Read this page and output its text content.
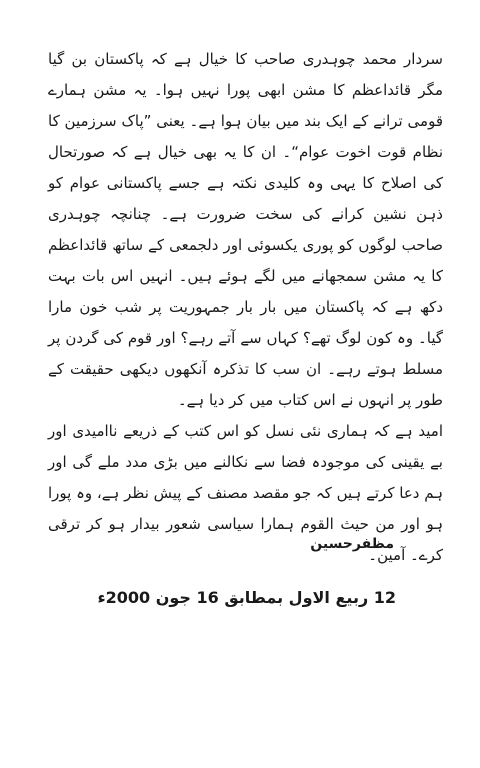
سردار محمد چوہدری صاحب کا خیال ہے کہ پاکستان بن گیا مگر قائداعظم کا مشن ابھی پورا نہیں ہوا۔ یہ مشن ہمارے قومی ترانے کے ایک بند میں بیان ہوا ہے۔ یعنی ”پاک سرزمین کا نظام قوت اخوت عوام“۔ ان کا یہ بھی خیال ہے کہ صورتحال کی اصلاح کا یہی وہ کلیدی نکتہ ہے جسے پاکستانی عوام کو ذہن نشین کرانے کی سخت ضرورت ہے۔ چنانچہ چوہدری صاحب لوگوں کو پوری یکسوئی اور دلجمعی کے ساتھ قائداعظم کا یہ مشن سمجھانے میں لگے ہوئے ہیں۔ انہیں اس بات بہت دکھ ہے کہ پاکستان میں بار بار جمہوریت پر شب خون مارا گیا۔ وہ کون لوگ تھے؟ کہاں سے آتے رہے؟ اور قوم کی گردن پر مسلط ہوتے رہے۔ ان سب کا تذکرہ آنکھوں دیکھی حقیقت کے طور پر انہوں نے اس کتاب میں کر دیا ہے۔

امید ہے کہ ہماری نئی نسل کو اس کتب کے ذریعے ناامیدی اور بے یقینی کی موجودہ فضا سے نکالنے میں بڑی مدد ملے گی اور ہم دعا کرتے ہیں کہ جو مقصد مصنف کے پیش نظر ہے، وہ پورا ہو اور من حیث القوم ہمارا سیاسی شعور بیدار ہو کر ترقی کرے۔ آمین۔

مظفرحسین
12 ربیع الاول بمطابق 16 جون 2000ء
